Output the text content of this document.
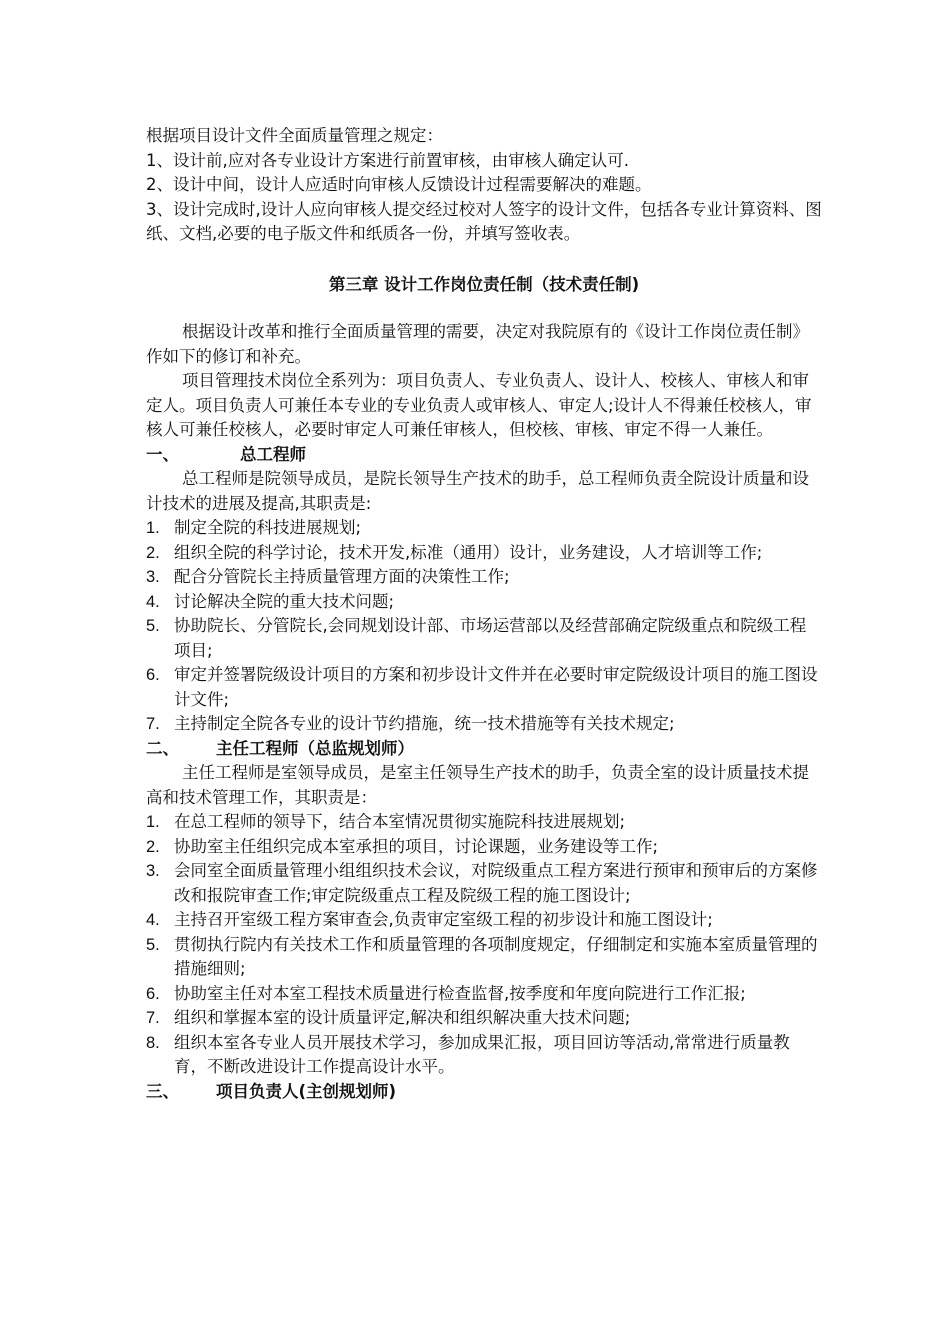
根据项目设计文件全面质量管理之规定：

1、设计前,应对各专业设计方案进行前置审核，由审核人确定认可.

2、设计中间，设计人应适时向审核人反馈设计过程需要解决的难题。

3、设计完成时,设计人应向审核人提交经过校对人签字的设计文件，包括各专业计算资料、图纸、文档,必要的电子版文件和纸质各一份，并填写签收表。

第三章 设计工作岗位责任制（技术责任制)

根据设计改革和推行全面质量管理的需要，决定对我院原有的《设计工作岗位责任制》作如下的修订和补充。

项目管理技术岗位全系列为：项目负责人、专业负责人、设计人、校核人、审核人和审定人。项目负责人可兼任本专业的专业负责人或审核人、审定人;设计人不得兼任校核人，审核人可兼任校核人，必要时审定人可兼任审核人，但校核、审核、审定不得一人兼任。

一、	总工程师

总工程师是院领导成员，是院长领导生产技术的助手，总工程师负责全院设计质量和设计技术的进展及提高,其职责是:

1. 制定全院的科技进展规划;
2. 组织全院的科学讨论，技术开发,标准（通用）设计，业务建设，人才培训等工作;
3. 配合分管院长主持质量管理方面的决策性工作;
4. 讨论解决全院的重大技术问题;
5. 协助院长、分管院长,会同规划设计部、市场运营部以及经营部确定院级重点和院级工程项目;
6. 审定并签署院级设计项目的方案和初步设计文件并在必要时审定院级设计项目的施工图设计文件;
7. 主持制定全院各专业的设计节约措施，统一技术措施等有关技术规定;
二、	主任工程师（总监规划师）

主任工程师是室领导成员，是室主任领导生产技术的助手，负责全室的设计质量技术提高和技术管理工作，其职责是：

1. 在总工程师的领导下，结合本室情况贯彻实施院科技进展规划;
2. 协助室主任组织完成本室承担的项目，讨论课题，业务建设等工作;
3. 会同室全面质量管理小组组织技术会议，对院级重点工程方案进行预审和预审后的方案修改和报院审查工作;审定院级重点工程及院级工程的施工图设计;
4. 主持召开室级工程方案审查会,负责审定室级工程的初步设计和施工图设计;
5. 贯彻执行院内有关技术工作和质量管理的各项制度规定，仔细制定和实施本室质量管理的措施细则;
6. 协助室主任对本室工程技术质量进行检查监督,按季度和年度向院进行工作汇报;
7. 组织和掌握本室的设计质量评定,解决和组织解决重大技术问题;
8. 组织本室各专业人员开展技术学习，参加成果汇报，项目回访等活动,常常进行质量教育，不断改进设计工作提高设计水平。
三、	项目负责人(主创规划师)
